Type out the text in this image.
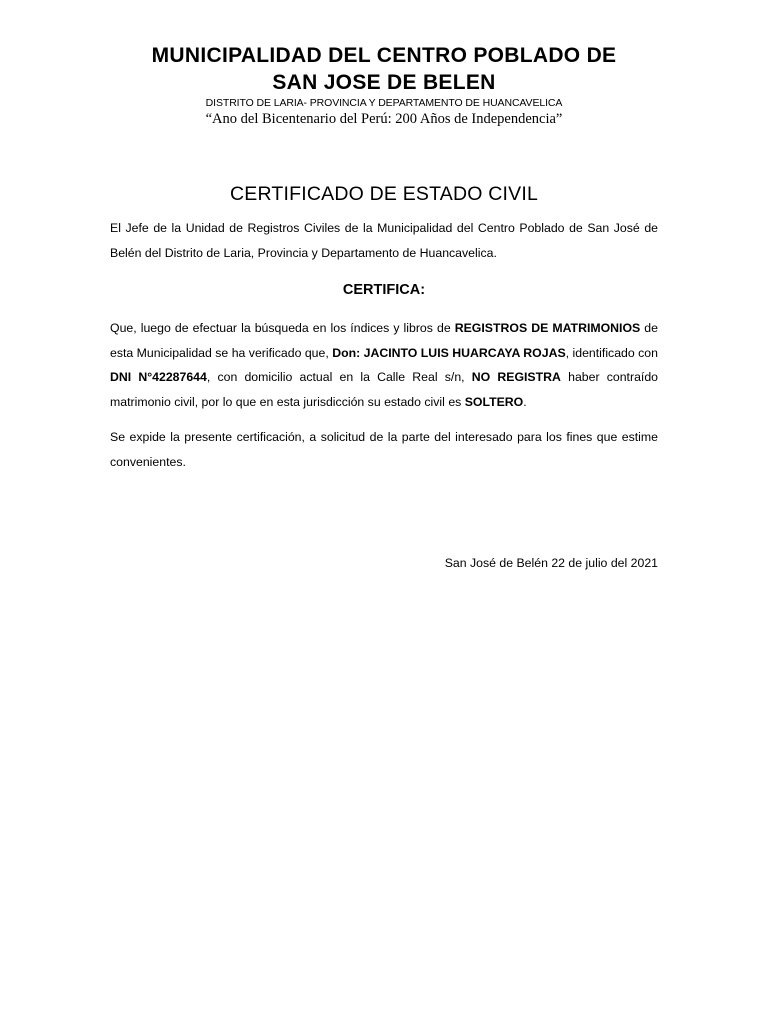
MUNICIPALIDAD DEL CENTRO POBLADO DE
SAN JOSE DE BELEN
DISTRITO DE LARIA- PROVINCIA Y DEPARTAMENTO DE HUANCAVELICA
“Ano del Bicentenario del Perú: 200 Años de Independencia”
CERTIFICADO DE ESTADO CIVIL
El Jefe de la Unidad de Registros Civiles de la Municipalidad del Centro Poblado de San José de Belén del Distrito de Laria, Provincia y Departamento de Huancavelica.
CERTIFICA:
Que, luego de efectuar la búsqueda en los índices y libros de REGISTROS DE MATRIMONIOS de esta Municipalidad se ha verificado que, Don: JACINTO LUIS HUARCAYA ROJAS, identificado con DNI N°42287644, con domicilio actual en la Calle Real s/n, NO REGISTRA haber contraído matrimonio civil, por lo que en esta jurisdicción su estado civil es SOLTERO.
Se expide la presente certificación, a solicitud de la parte del interesado para los fines que estime convenientes.
San José de Belén 22 de julio del 2021
